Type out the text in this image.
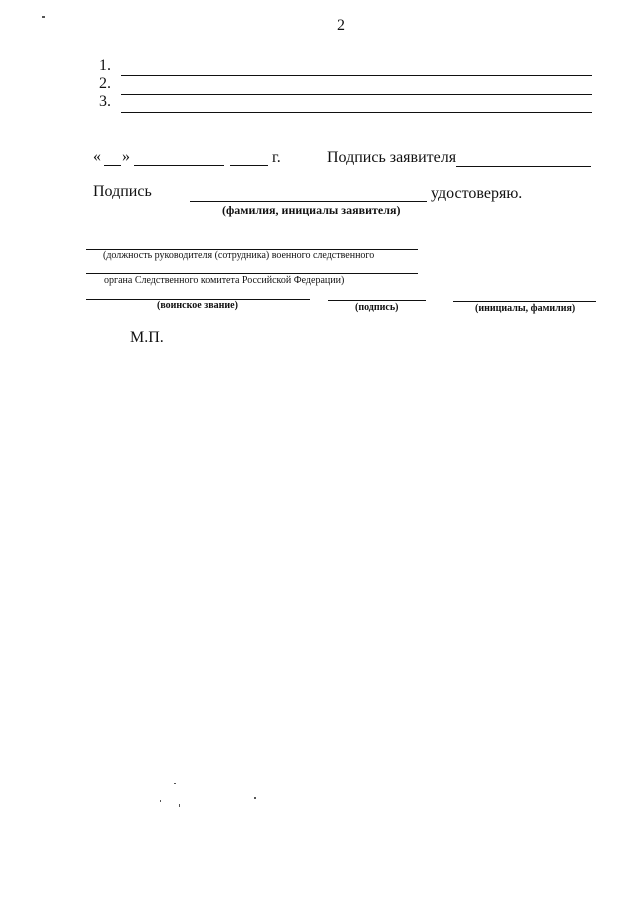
2
1.
2.
3.
« »	г.	Подпись заявителя
Подпись	удостоверяю.
(фамилия, инициалы заявителя)
(должность руководителя (сотрудника) военного следственного
органа Следственного комитета Российской Федерации)
(воинское звание)	(подпись)	(инициалы, фамилия)
М.П.
